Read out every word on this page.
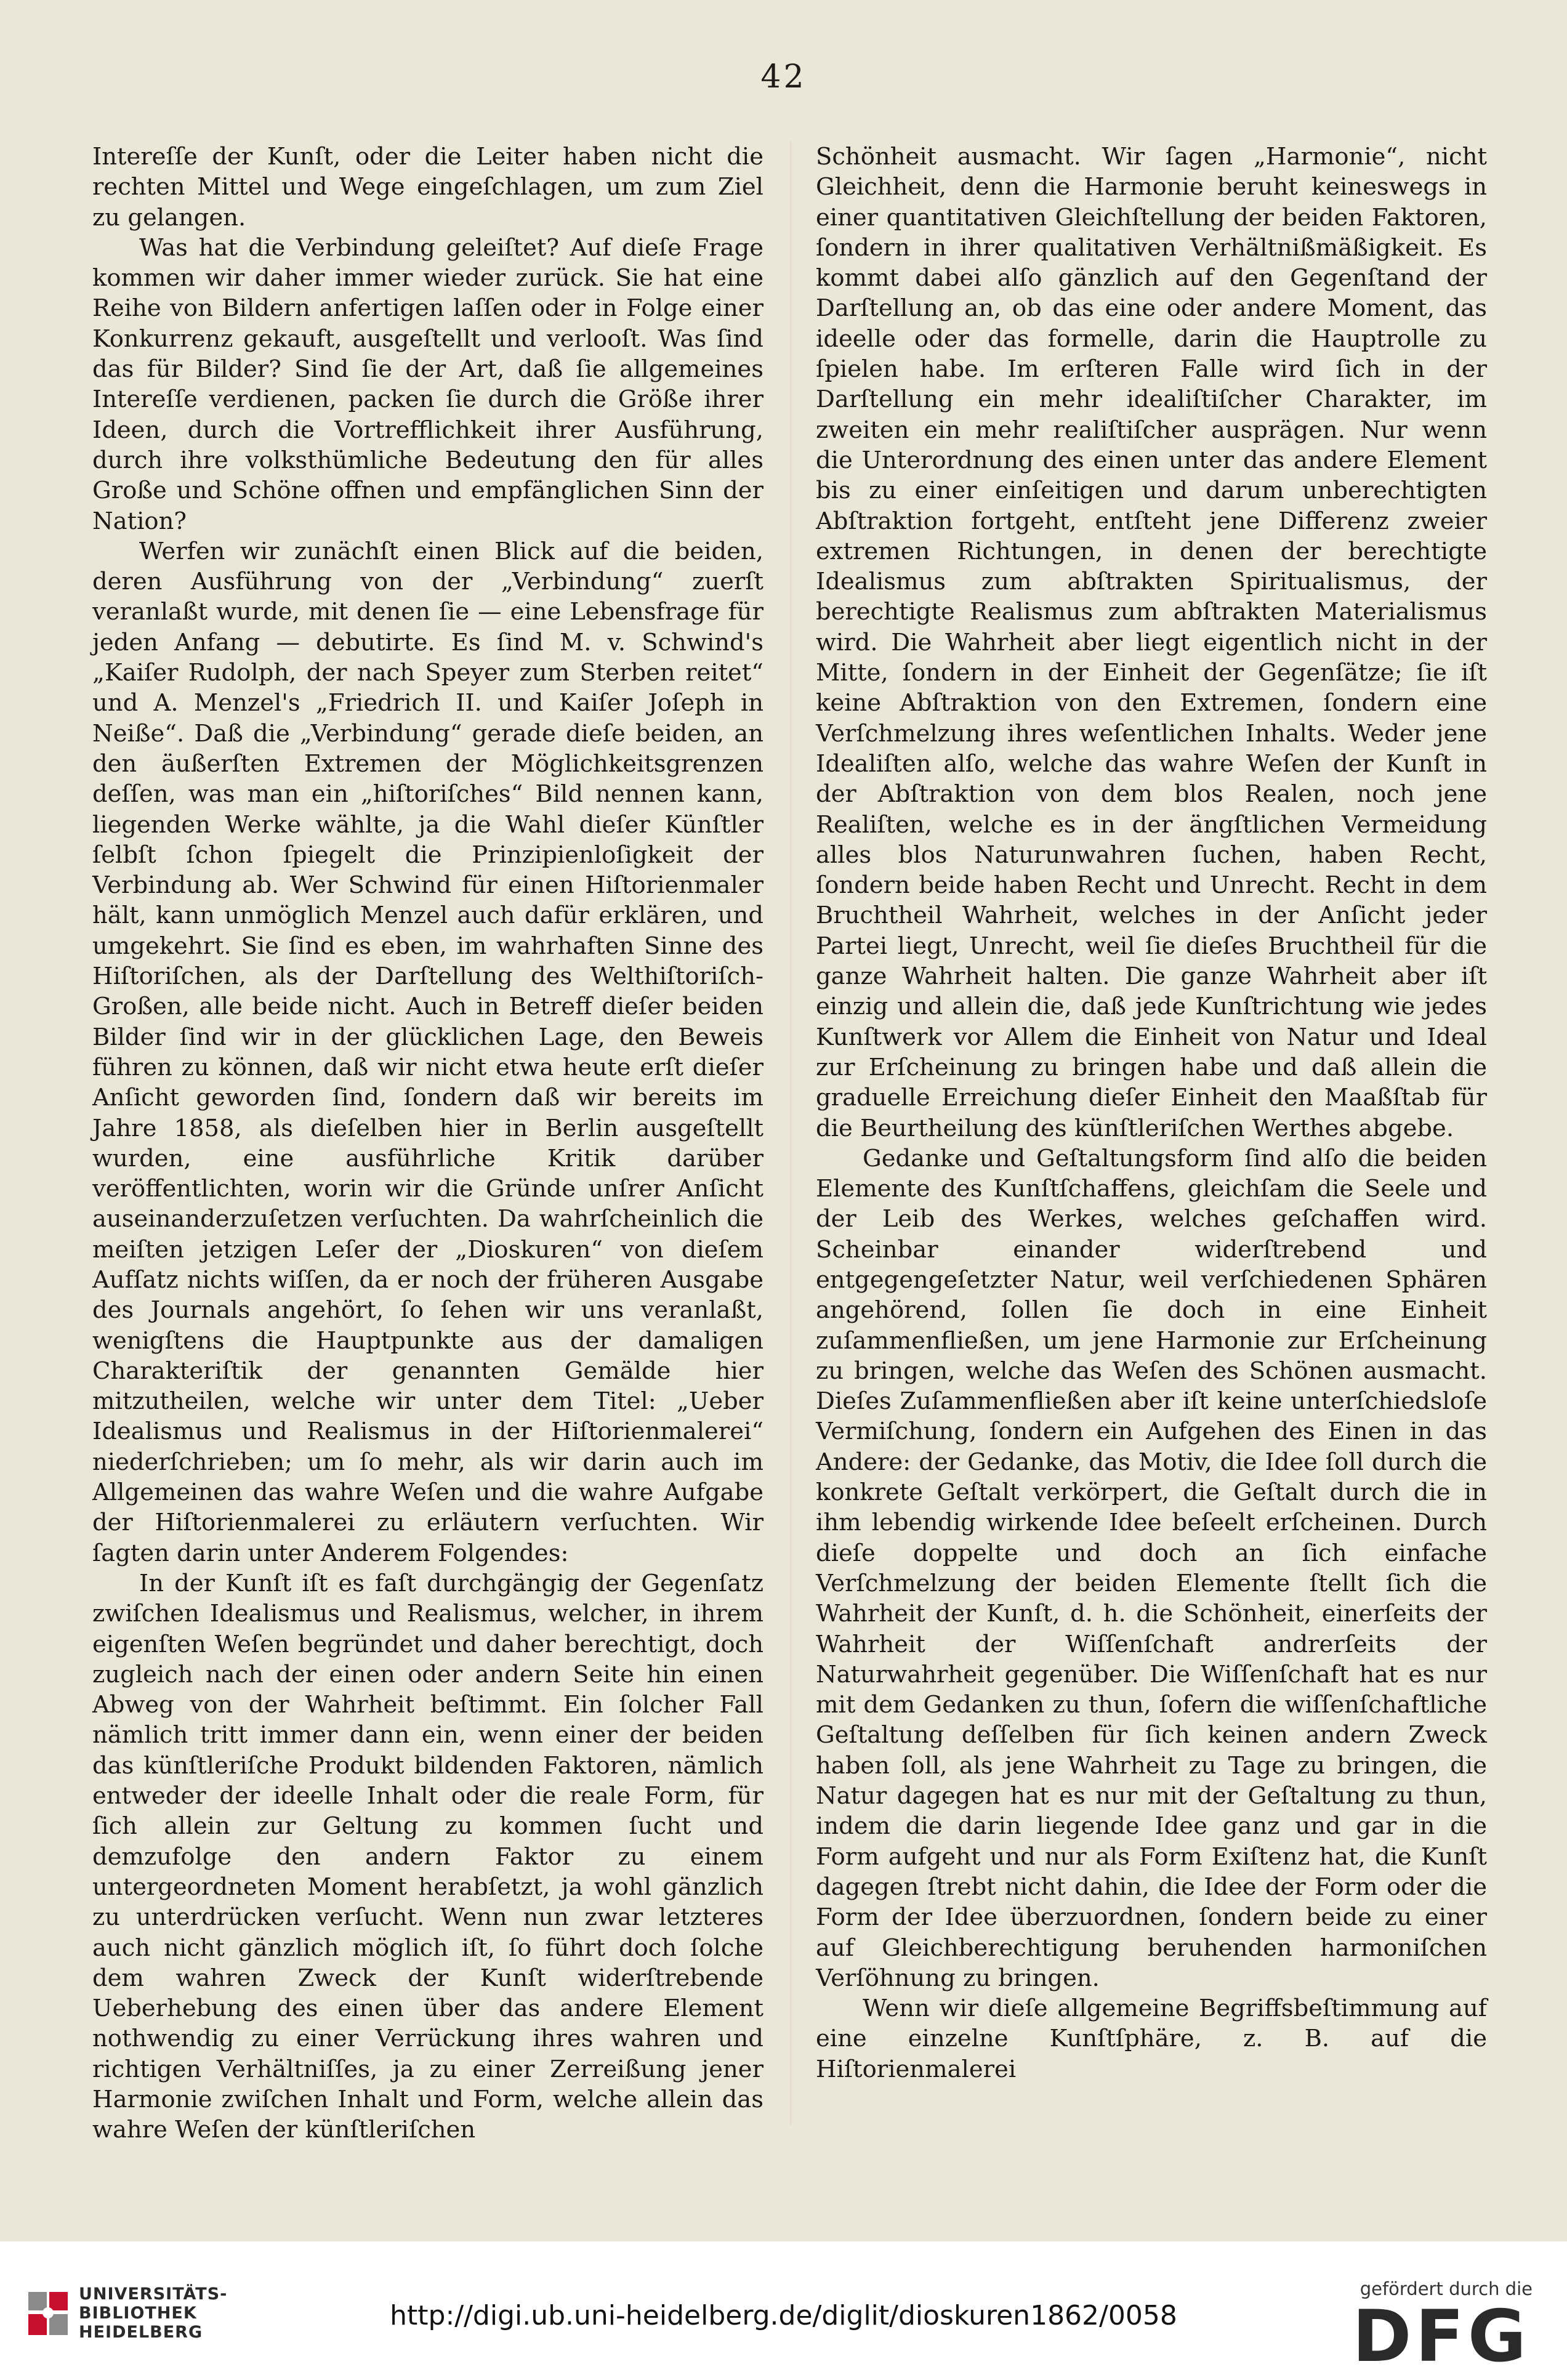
42

Intereſſe der Kunſt, oder die Leiter haben nicht die rechten Mittel und Wege eingeſchlagen, um zum Ziel zu gelangen.

Was hat die Verbindung geleiſtet? Auf dieſe Frage kommen wir daher immer wieder zurück. Sie hat eine Reihe von Bildern anfertigen laſſen oder in Folge einer Konkurrenz gekauft, ausgeſtellt und verlooſt. Was ſind das für Bilder? Sind ſie der Art, daß ſie allgemeines Intereſſe verdienen, packen ſie durch die Größe ihrer Ideen, durch die Vortrefflichkeit ihrer Ausführung, durch ihre volksthümliche Bedeutung den für alles Große und Schöne offnen und empfänglichen Sinn der Nation?

Werfen wir zunächſt einen Blick auf die beiden, deren Ausführung von der „Verbindung“ zuerſt veranlaßt wurde, mit denen ſie — eine Lebensfrage für jeden Anfang — debutirte. Es ſind M. v. Schwind's „Kaiſer Rudolph, der nach Speyer zum Sterben reitet“ und A. Menzel's „Friedrich II. und Kaiſer Joſeph in Neiße“. Daß die „Verbindung“ gerade dieſe beiden, an den äußerſten Extremen der Möglichkeitsgrenzen deſſen, was man ein „hiſtoriſches“ Bild nennen kann, liegenden Werke wählte, ja die Wahl dieſer Künſtler ſelbſt ſchon ſpiegelt die Prinzipienloſigkeit der Verbindung ab. Wer Schwind für einen Hiſtorienmaler hält, kann unmöglich Menzel auch dafür erklären, und umgekehrt. Sie ſind es eben, im wahrhaften Sinne des Hiſtoriſchen, als der Darſtellung des Welthiſtoriſch-Großen, alle beide nicht. Auch in Betreff dieſer beiden Bilder ſind wir in der glücklichen Lage, den Beweis führen zu können, daß wir nicht etwa heute erſt dieſer Anſicht geworden ſind, ſondern daß wir bereits im Jahre 1858, als dieſelben hier in Berlin ausgeſtellt wurden, eine ausführliche Kritik darüber veröffentlichten, worin wir die Gründe unſrer Anſicht auseinanderzuſetzen verſuchten. Da wahrſcheinlich die meiſten jetzigen Leſer der „Dioskuren“ von dieſem Aufſatz nichts wiſſen, da er noch der früheren Ausgabe des Journals angehört, ſo ſehen wir uns veranlaßt, wenigſtens die Hauptpunkte aus der damaligen Charakteriſtik der genannten Gemälde hier mitzutheilen, welche wir unter dem Titel: „Ueber Idealismus und Realismus in der Hiſtorienmalerei“ niederſchrieben; um ſo mehr, als wir darin auch im Allgemeinen das wahre Weſen und die wahre Aufgabe der Hiſtorienmalerei zu erläutern verſuchten. Wir ſagten darin unter Anderem Folgendes:

In der Kunſt iſt es faſt durchgängig der Gegenſatz zwiſchen Idealismus und Realismus, welcher, in ihrem eigenſten Weſen begründet und daher berechtigt, doch zugleich nach der einen oder andern Seite hin einen Abweg von der Wahrheit beſtimmt. Ein ſolcher Fall nämlich tritt immer dann ein, wenn einer der beiden das künſtleriſche Produkt bildenden Faktoren, nämlich entweder der ideelle Inhalt oder die reale Form, für ſich allein zur Geltung zu kommen ſucht und demzufolge den andern Faktor zu einem untergeordneten Moment herabſetzt, ja wohl gänzlich zu unterdrücken verſucht. Wenn nun zwar letzteres auch nicht gänzlich möglich iſt, ſo führt doch ſolche dem wahren Zweck der Kunſt widerſtrebende Ueberhebung des einen über das andere Element nothwendig zu einer Verrückung ihres wahren und richtigen Verhältniſſes, ja zu einer Zerreißung jener Harmonie zwiſchen Inhalt und Form, welche allein das wahre Weſen der künſtleriſchen

Schönheit ausmacht. Wir ſagen „Harmonie“, nicht Gleichheit, denn die Harmonie beruht keineswegs in einer quantitativen Gleichſtellung der beiden Faktoren, ſondern in ihrer qualitativen Verhältnißmäßigkeit. Es kommt dabei alſo gänzlich auf den Gegenſtand der Darſtellung an, ob das eine oder andere Moment, das ideelle oder das formelle, darin die Hauptrolle zu ſpielen habe. Im erſteren Falle wird ſich in der Darſtellung ein mehr idealiſtiſcher Charakter, im zweiten ein mehr realiſtiſcher ausprägen. Nur wenn die Unterordnung des einen unter das andere Element bis zu einer einſeitigen und darum unberechtigten Abſtraktion fortgeht, entſteht jene Differenz zweier extremen Richtungen, in denen der berechtigte Idealismus zum abſtrakten Spiritualismus, der berechtigte Realismus zum abſtrakten Materialismus wird. Die Wahrheit aber liegt eigentlich nicht in der Mitte, ſondern in der Einheit der Gegenſätze; ſie iſt keine Abſtraktion von den Extremen, ſondern eine Verſchmelzung ihres weſentlichen Inhalts. Weder jene Idealiſten alſo, welche das wahre Weſen der Kunſt in der Abſtraktion von dem blos Realen, noch jene Realiſten, welche es in der ängſtlichen Vermeidung alles blos Naturunwahren ſuchen, haben Recht, ſondern beide haben Recht und Unrecht. Recht in dem Bruchtheil Wahrheit, welches in der Anſicht jeder Partei liegt, Unrecht, weil ſie dieſes Bruchtheil für die ganze Wahrheit halten. Die ganze Wahrheit aber iſt einzig und allein die, daß jede Kunſtrichtung wie jedes Kunſtwerk vor Allem die Einheit von Natur und Ideal zur Erſcheinung zu bringen habe und daß allein die graduelle Erreichung dieſer Einheit den Maaßſtab für die Beurtheilung des künſtleriſchen Werthes abgebe.

Gedanke und Geſtaltungsform ſind alſo die beiden Elemente des Kunſtſchaffens, gleichſam die Seele und der Leib des Werkes, welches geſchaffen wird. Scheinbar einander widerſtrebend und entgegengeſetzter Natur, weil verſchiedenen Sphären angehörend, ſollen ſie doch in eine Einheit zuſammenfließen, um jene Harmonie zur Erſcheinung zu bringen, welche das Weſen des Schönen ausmacht. Dieſes Zuſammenfließen aber iſt keine unterſchiedsloſe Vermiſchung, ſondern ein Aufgehen des Einen in das Andere: der Gedanke, das Motiv, die Idee ſoll durch die konkrete Geſtalt verkörpert, die Geſtalt durch die in ihm lebendig wirkende Idee beſeelt erſcheinen. Durch dieſe doppelte und doch an ſich einfache Verſchmelzung der beiden Elemente ſtellt ſich die Wahrheit der Kunſt, d. h. die Schönheit, einerſeits der Wahrheit der Wiſſenſchaft andrerſeits der Naturwahrheit gegenüber. Die Wiſſenſchaft hat es nur mit dem Gedanken zu thun, ſofern die wiſſenſchaftliche Geſtaltung deſſelben für ſich keinen andern Zweck haben ſoll, als jene Wahrheit zu Tage zu bringen, die Natur dagegen hat es nur mit der Geſtaltung zu thun, indem die darin liegende Idee ganz und gar in die Form aufgeht und nur als Form Exiſtenz hat, die Kunſt dagegen ſtrebt nicht dahin, die Idee der Form oder die Form der Idee überzuordnen, ſondern beide zu einer auf Gleichberechtigung beruhenden harmoniſchen Verſöhnung zu bringen.

Wenn wir dieſe allgemeine Begriffsbeſtimmung auf eine einzelne Kunſtſphäre, z. B. auf die Hiſtorienmalerei

UNIVERSITÄTS-
BIBLIOTHEK
HEIDELBERG
http://digi.ub.uni-heidelberg.de/diglit/dioskuren1862/0058
gefördert durch die
DFG
